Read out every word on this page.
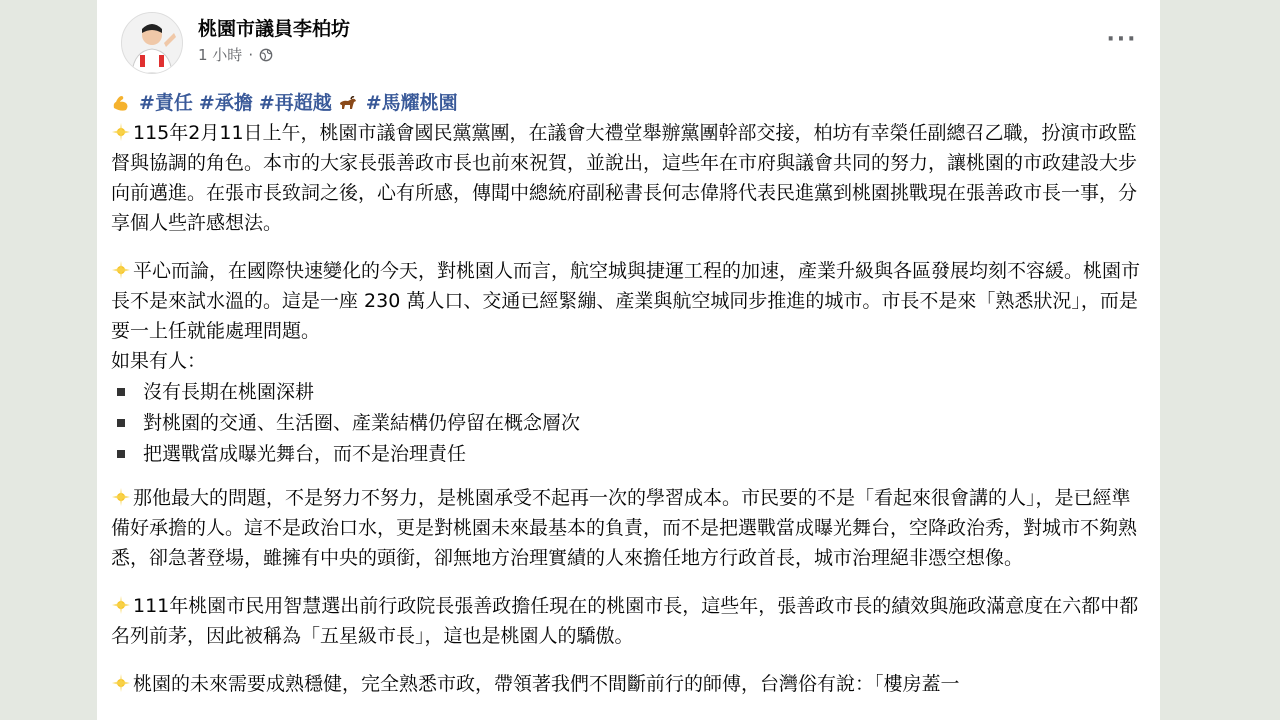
桃園市議員李柏坊
1 小時 ·
···
#責任 #承擔 #再超越 #馬耀桃園

115年2月11日上午，桃園市議會國民黨黨團，在議會大禮堂舉辦黨團幹部交接，柏坊有幸榮任副總召乙職，扮演市政監督與協調的角色。本市的大家長張善政市長也前來祝賀，並說出，這些年在市府與議會共同的努力，讓桃園的市政建設大步向前邁進。在張市長致詞之後，心有所感，傳聞中總統府副秘書長何志偉將代表民進黨到桃園挑戰現在張善政市長一事，分享個人些許感想法。

平心而論，在國際快速變化的今天，對桃園人而言，航空城與捷運工程的加速，產業升級與各區發展均刻不容緩。桃園市長不是來試水溫的。這是一座 230 萬人口、交通已經緊繃、產業與航空城同步推進的城市。市長不是來「熟悉狀況」，而是要一上任就能處理問題。

如果有人：

沒有長期在桃園深耕
對桃園的交通、生活圈、產業結構仍停留在概念層次
把選戰當成曝光舞台，而不是治理責任

那他最大的問題，不是努力不努力，是桃園承受不起再一次的學習成本。市民要的不是「看起來很會講的人」，是已經準備好承擔的人。這不是政治口水，更是對桃園未來最基本的負責，而不是把選戰當成曝光舞台，空降政治秀，對城市不夠熟悉，卻急著登場，雖擁有中央的頭銜，卻無地方治理實績的人來擔任地方行政首長，城市治理絕非憑空想像。

111年桃園市民用智慧選出前行政院長張善政擔任現在的桃園市長，這些年，張善政市長的績效與施政滿意度在六都中都名列前茅，因此被稱為「五星級市長」，這也是桃園人的驕傲。

桃園的未來需要成熟穩健，完全熟悉市政，帶領著我們不間斷前行的師傅，台灣俗有說：「樓房蓋一
